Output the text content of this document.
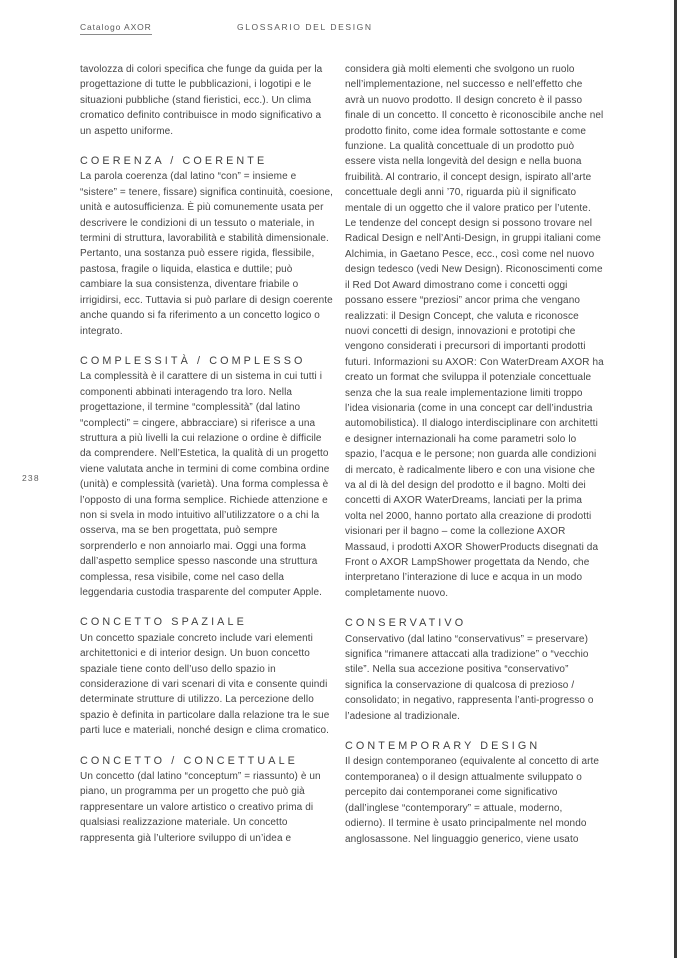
Catalogo AXOR	GLOSSARIO DEL DESIGN
238

tavolozza di colori specifica che funge da guida per la progettazione di tutte le pubblicazioni, i logotipi e le situazioni pubbliche (stand fieristici, ecc.). Un clima cromatico definito contribuisce in modo significativo a un aspetto uniforme.

COERENZA / COERENTE

La parola coerenza (dal latino “con” = insieme e “sistere” = tenere, fissare) significa continuità, coesione, unità e autosufficienza. È più comunemente usata per descrivere le condizioni di un tessuto o materiale, in termini di struttura, lavorabilità e stabilità dimensionale. Pertanto, una sostanza può essere rigida, flessibile, pastosa, fragile o liquida, elastica e duttile; può cambiare la sua consistenza, diventare friabile o irrigidirsi, ecc. Tuttavia si può parlare di design coerente anche quando si fa riferimento a un concetto logico o integrato.

COMPLESSITÀ / COMPLESSO

La complessità è il carattere di un sistema in cui tutti i componenti abbinati interagendo tra loro. Nella progettazione, il termine “complessità” (dal latino “complecti” = cingere, abbracciare) si riferisce a una struttura a più livelli la cui relazione o ordine è difficile da comprendere. Nell’Estetica, la qualità di un progetto viene valutata anche in termini di come combina ordine (unità) e complessità (varietà). Una forma complessa è l’opposto di una forma semplice. Richiede attenzione e non si svela in modo intuitivo all’utilizzatore o a chi la osserva, ma se ben progettata, può sempre sorprenderlo e non annoiarlo mai. Oggi una forma dall’aspetto semplice spesso nasconde una struttura complessa, resa visibile, come nel caso della leggendaria custodia trasparente del computer Apple.

CONCETTO SPAZIALE

Un concetto spaziale concreto include vari elementi architettonici e di interior design. Un buon concetto spaziale tiene conto dell’uso dello spazio in considerazione di vari scenari di vita e consente quindi determinate strutture di utilizzo. La percezione dello spazio è definita in particolare dalla relazione tra le sue parti luce e materiali, nonché design e clima cromatico.

CONCETTO / CONCETTUALE

Un concetto (dal latino “conceptum” = riassunto) è un piano, un programma per un progetto che può già rappresentare un valore artistico o creativo prima di qualsiasi realizzazione materiale. Un concetto rappresenta già l’ulteriore sviluppo di un’idea e

considera già molti elementi che svolgono un ruolo nell’implementazione, nel successo e nell’effetto che avrà un nuovo prodotto. Il design concreto è il passo finale di un concetto. Il concetto è riconoscibile anche nel prodotto finito, come idea formale sottostante e come funzione. La qualità concettuale di un prodotto può essere vista nella longevità del design e nella buona fruibilità. Al contrario, il concept design, ispirato all’arte concettuale degli anni ’70, riguarda più il significato mentale di un oggetto che il valore pratico per l’utente. Le tendenze del concept design si possono trovare nel Radical Design e nell’Anti-Design, in gruppi italiani come Alchimia, in Gaetano Pesce, ecc., così come nel nuovo design tedesco (vedi New Design). Riconoscimenti come il Red Dot Award dimostrano come i concetti oggi possano essere “preziosi” ancor prima che vengano realizzati: il Design Concept, che valuta e riconosce nuovi concetti di design, innovazioni e prototipi che vengono considerati i precursori di importanti prodotti futuri. Informazioni su AXOR: Con WaterDream AXOR ha creato un format che sviluppa il potenziale concettuale senza che la sua reale implementazione limiti troppo l’idea visionaria (come in una concept car dell’industria automobilistica). Il dialogo interdisciplinare con architetti e designer internazionali ha come parametri solo lo spazio, l’acqua e le persone; non guarda alle condizioni di mercato, è radicalmente libero e con una visione che va al di là del design del prodotto e il bagno. Molti dei concetti di AXOR WaterDreams, lanciati per la prima volta nel 2000, hanno portato alla creazione di prodotti visionari per il bagno – come la collezione AXOR Massaud, i prodotti AXOR ShowerProducts disegnati da Front o AXOR LampShower progettata da Nendo, che interpretano l’interazione di luce e acqua in un modo completamente nuovo.

CONSERVATIVO

Conservativo (dal latino “conservativus” = preservare) significa “rimanere attaccati alla tradizione” o “vecchio stile”. Nella sua accezione positiva “conservativo” significa la conservazione di qualcosa di prezioso / consolidato; in negativo, rappresenta l’anti-progresso o l’adesione al tradizionale.

CONTEMPORARY DESIGN

Il design contemporaneo (equivalente al concetto di arte contemporanea) o il design attualmente sviluppato o percepito dai contemporanei come significativo (dall’inglese “contemporary” = attuale, moderno, odierno). Il termine è usato principalmente nel mondo anglosassone. Nel linguaggio generico, viene usato
